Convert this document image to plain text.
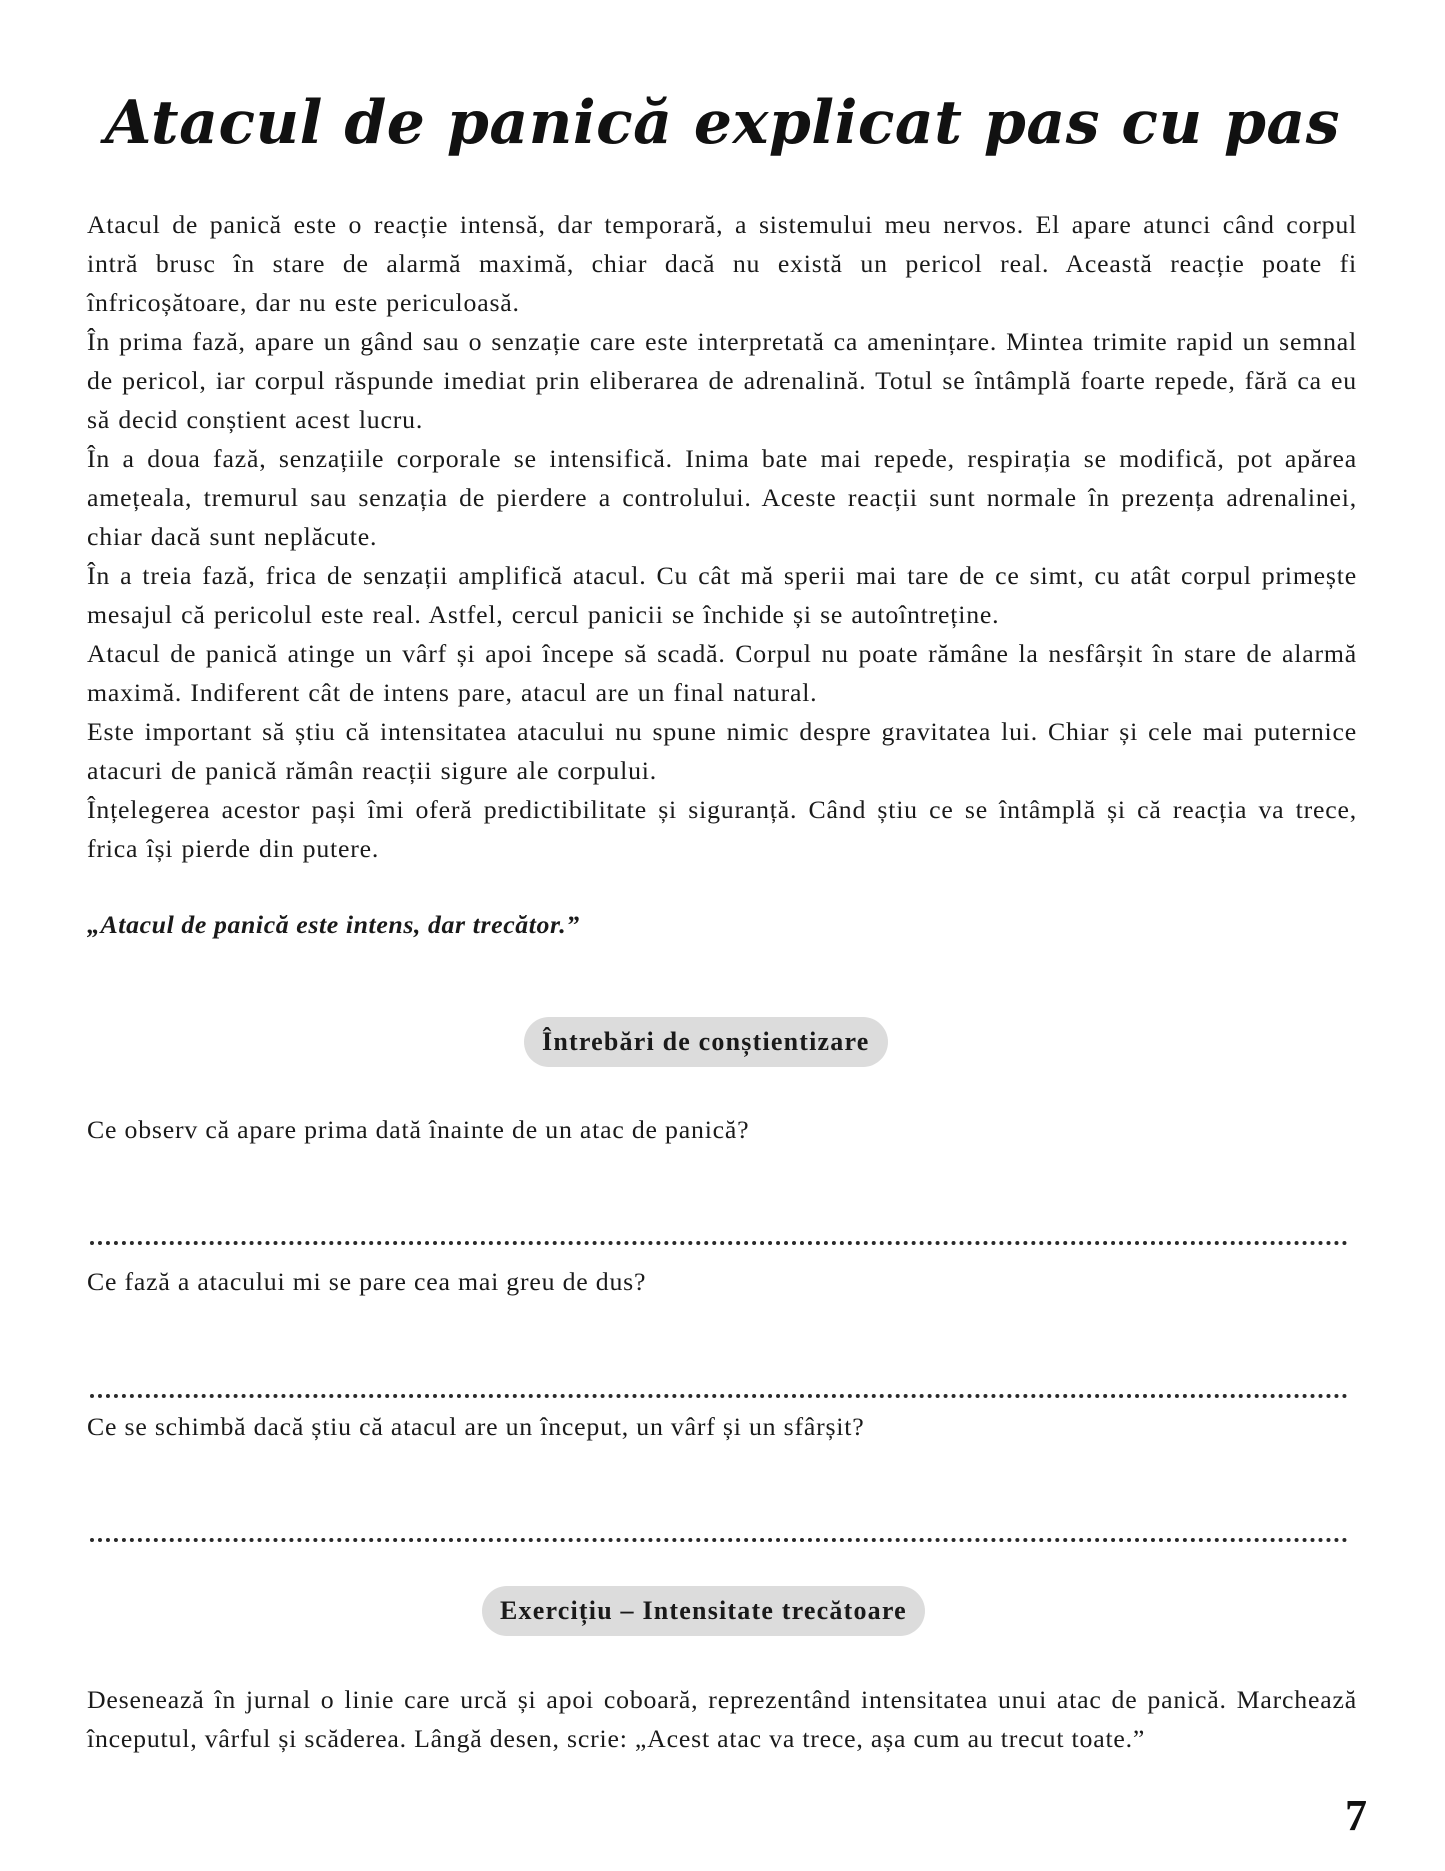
Atacul de panică explicat pas cu pas

Atacul de panică este o reacție intensă, dar temporară, a sistemului meu nervos. El apare atunci când corpul intră brusc în stare de alarmă maximă, chiar dacă nu există un pericol real. Această reacție poate fi înfricoșătoare, dar nu este periculoasă.

În prima fază, apare un gând sau o senzație care este interpretată ca amenințare. Mintea trimite rapid un semnal de pericol, iar corpul răspunde imediat prin eliberarea de adrenalină. Totul se întâmplă foarte repede, fără ca eu să decid conștient acest lucru.

În a doua fază, senzațiile corporale se intensifică. Inima bate mai repede, respirația se modifică, pot apărea amețeala, tremurul sau senzația de pierdere a controlului. Aceste reacții sunt normale în prezența adrenalinei, chiar dacă sunt neplăcute.

În a treia fază, frica de senzații amplifică atacul. Cu cât mă sperii mai tare de ce simt, cu atât corpul primește mesajul că pericolul este real. Astfel, cercul panicii se închide și se autoîntreține.

Atacul de panică atinge un vârf și apoi începe să scadă. Corpul nu poate rămâne la nesfârșit în stare de alarmă maximă. Indiferent cât de intens pare, atacul are un final natural.

Este important să știu că intensitatea atacului nu spune nimic despre gravitatea lui. Chiar și cele mai puternice atacuri de panică rămân reacții sigure ale corpului.

Înțelegerea acestor pași îmi oferă predictibilitate și siguranță. Când știu ce se întâmplă și că reacția va trece, frica își pierde din putere.

„Atacul de panică este intens, dar trecător.”

Întrebări de conștientizare

Ce observ că apare prima dată înainte de un atac de panică?

Ce fază a atacului mi se pare cea mai greu de dus?

Ce se schimbă dacă știu că atacul are un început, un vârf și un sfârșit?

Exercițiu – Intensitate trecătoare

Desenează în jurnal o linie care urcă și apoi coboară, reprezentând intensitatea unui atac de panică. Marchează începutul, vârful și scăderea. Lângă desen, scrie: „Acest atac va trece, așa cum au trecut toate.”

7
